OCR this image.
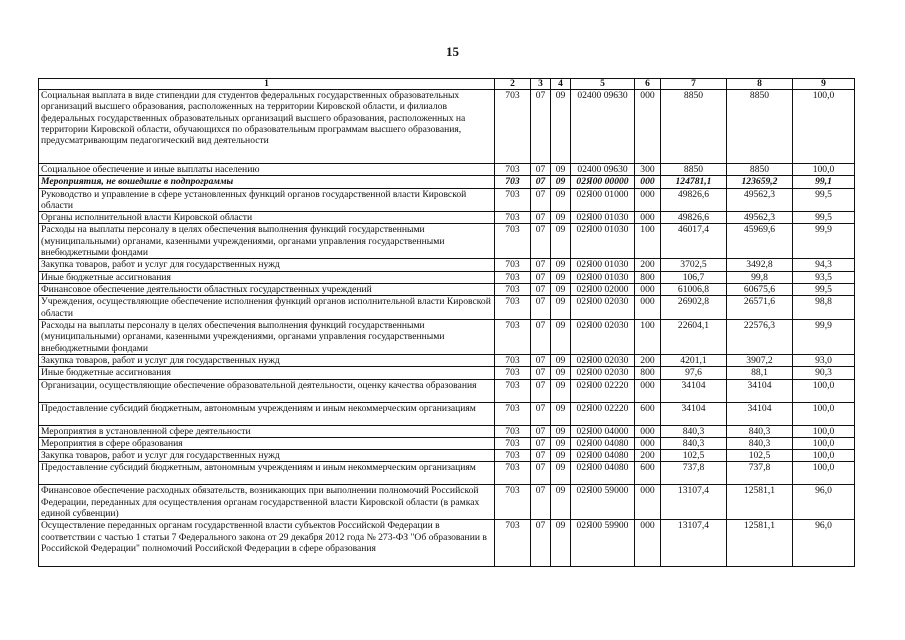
15
1	2	3	4	5	6	7	8	9
Социальная выплата в виде стипендии для студентов федеральных государственных образовательных организаций высшего образования, расположенных на территории Кировской области, и филиалов федеральных государственных образовательных организаций высшего образования, расположенных на территории Кировской области, обучающихся по образовательным программам высшего образования, предусматривающим педагогический вид деятельности	703	07	09	02400 09630	000	8850	8850	100,0
Социальное обеспечение и иные выплаты населению	703	07	09	02400 09630	300	8850	8850	100,0
Мероприятия, не вошедшие в подпрограммы	703	07	09	02Я00 00000	000	124781,1	123659,2	99,1
Руководство и управление в сфере установленных функций органов государственной власти Кировской области	703	07	09	02Я00 01000	000	49826,6	49562,3	99,5
Органы исполнительной власти Кировской области	703	07	09	02Я00 01030	000	49826,6	49562,3	99,5
Расходы на выплаты персоналу в целях обеспечения выполнения функций государственными (муниципальными) органами, казенными учреждениями, органами управления государственными внебюджетными фондами	703	07	09	02Я00 01030	100	46017,4	45969,6	99,9
Закупка товаров, работ и услуг для государственных нужд	703	07	09	02Я00 01030	200	3702,5	3492,8	94,3
Иные бюджетные ассигнования	703	07	09	02Я00 01030	800	106,7	99,8	93,5
Финансовое обеспечение деятельности областных государственных учреждений	703	07	09	02Я00 02000	000	61006,8	60675,6	99,5
Учреждения, осуществляющие обеспечение исполнения функций органов исполнительной власти Кировской области	703	07	09	02Я00 02030	000	26902,8	26571,6	98,8
Расходы на выплаты персоналу в целях обеспечения выполнения функций государственными (муниципальными) органами, казенными учреждениями, органами управления государственными внебюджетными фондами	703	07	09	02Я00 02030	100	22604,1	22576,3	99,9
Закупка товаров, работ и услуг для государственных нужд	703	07	09	02Я00 02030	200	4201,1	3907,2	93,0
Иные бюджетные ассигнования	703	07	09	02Я00 02030	800	97,6	88,1	90,3
Организации, осуществляющие обеспечение образовательной деятельности, оценку качества образования	703	07	09	02Я00 02220	000	34104	34104	100,0
Предоставление субсидий бюджетным, автономным учреждениям и иным некоммерческим организациям	703	07	09	02Я00 02220	600	34104	34104	100,0
Мероприятия в установленной сфере деятельности	703	07	09	02Я00 04000	000	840,3	840,3	100,0
Мероприятия в сфере образования	703	07	09	02Я00 04080	000	840,3	840,3	100,0
Закупка товаров, работ и услуг для государственных нужд	703	07	09	02Я00 04080	200	102,5	102,5	100,0
Предоставление субсидий бюджетным, автономным учреждениям и иным некоммерческим организациям	703	07	09	02Я00 04080	600	737,8	737,8	100,0
Финансовое обеспечение расходных обязательств, возникающих при выполнении полномочий Российской Федерации, переданных для осуществления органам государственной власти Кировской области (в рамках единой субвенции)	703	07	09	02Я00 59000	000	13107,4	12581,1	96,0
Осуществление переданных органам государственной власти субъектов Российской Федерации в соответствии с частью 1 статьи 7 Федерального закона от 29 декабря 2012 года № 273-ФЗ "Об образовании в Российской Федерации" полномочий Российской Федерации в сфере образования	703	07	09	02Я00 59900	000	13107,4	12581,1	96,0
